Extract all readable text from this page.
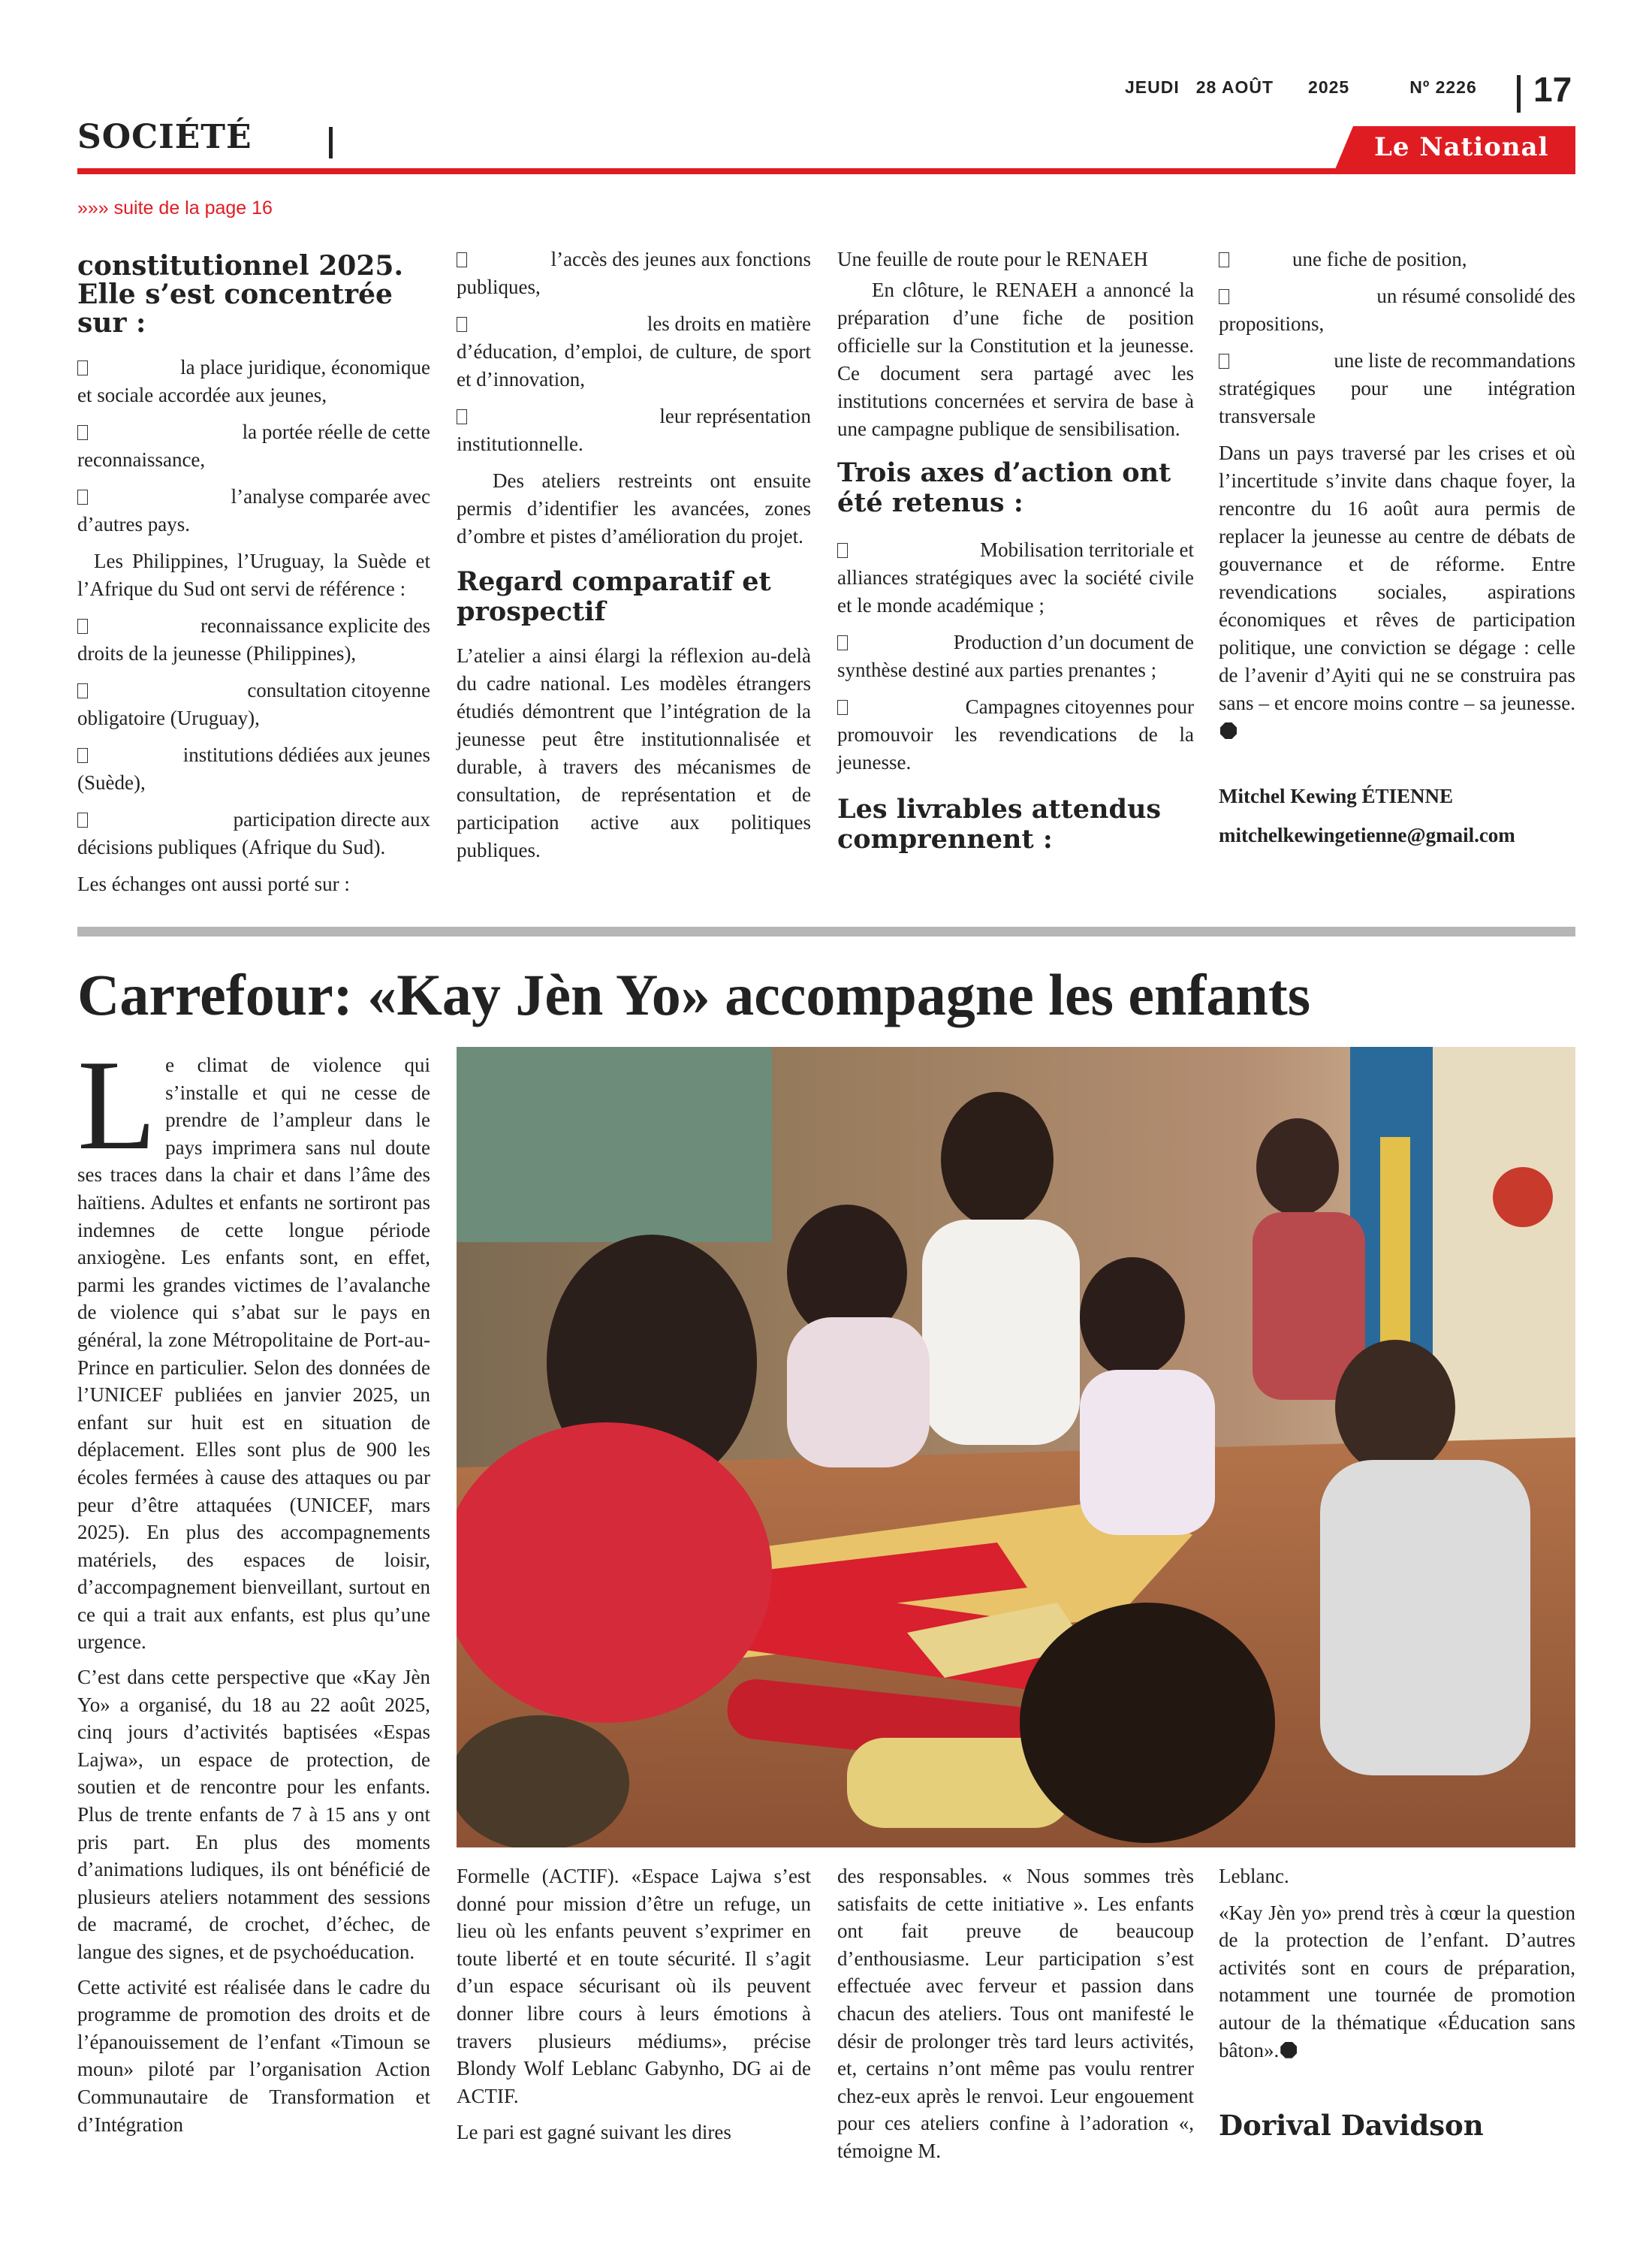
JEUDI 28 AOÛT 2025	Nº 2226 17
SOCIÉTÉ	Le National
»»» suite de la page 16
constitutionnel 2025. Elle s’est concentrée sur :
la place juridique, économique
et sociale accordée aux jeunes,
la portée réelle de cette
reconnaissance,
l’analyse comparée avec
d’autres pays.

Les Philippines, l’Uruguay, la Suède et l’Afrique du Sud ont servi de référence :

reconnaissance explicite des
droits de la jeunesse (Philippines),
consultation citoyenne
obligatoire (Uruguay),
institutions dédiées aux jeunes
(Suède),
participation directe aux
décisions publiques (Afrique du Sud).

Les échanges ont aussi porté sur :

l’accès des jeunes aux fonctions
publiques,
les droits en matière
d’éducation, d’emploi, de culture, de sport et d’innovation,
leur représentation
institutionnelle.

Des ateliers restreints ont ensuite permis d’identifier les avancées, zones d’ombre et pistes d’amélioration du projet.

Regard comparatif et prospectif

L’atelier a ainsi élargi la réflexion au-delà du cadre national. Les modèles étrangers étudiés démontrent que l’intégration de la jeunesse peut être institutionnalisée et durable, à travers des mécanismes de consultation, de représentation et de participation active aux politiques publiques.

Une feuille de route pour le RENAEH

En clôture, le RENAEH a annoncé la préparation d’une fiche de position officielle sur la Constitution et la jeunesse. Ce document sera partagé avec les institutions concernées et servira de base à une campagne publique de sensibilisation.

Trois axes d’action ont été retenus :
Mobilisation territoriale et
alliances stratégiques avec la société civile et le monde académique ;
Production d’un document de
synthèse destiné aux parties prenantes ;
Campagnes citoyennes pour
promouvoir les revendications de la jeunesse.
Les livrables attendus comprennent :
une fiche de position,
un résumé consolidé des
propositions,
une liste de recommandations
stratégiques pour une intégration transversale

Dans un pays traversé par les crises et où l’incertitude s’invite dans chaque foyer, la rencontre du 16 août aura permis de replacer la jeunesse au centre de débats de gouvernance et de réforme. Entre revendications sociales, aspirations économiques et rêves de participation politique, une conviction se dégage : celle de l’avenir d’Ayiti qui ne se construira pas sans – et encore moins contre – sa jeunesse.

Mitchel Kewing ÉTIENNE
mitchelkewingetienne@gmail.com
Carrefour: «Kay Jèn Yo» accompagne les enfants

Le climat de violence qui s’installe et qui ne cesse de prendre de l’ampleur dans le pays imprimera sans nul doute ses traces dans la chair et dans l’âme des haïtiens. Adultes et enfants ne sortiront pas indemnes de cette longue période anxiogène. Les enfants sont, en effet, parmi les grandes victimes de l’avalanche de violence qui s’abat sur le pays en général, la zone Métropolitaine de Port-au-Prince en particulier. Selon des données de l’UNICEF publiées en janvier 2025, un enfant sur huit est en situation de déplacement. Elles sont plus de 900 les écoles fermées à cause des attaques ou par peur d’être attaquées (UNICEF, mars 2025). En plus des accompagnements matériels, des espaces de loisir, d’accompagnement bienveillant, surtout en ce qui a trait aux enfants, est plus qu’une urgence.

C’est dans cette perspective que «Kay Jèn Yo» a organisé, du 18 au 22 août 2025, cinq jours d’activités baptisées «Espas Lajwa», un espace de protection, de soutien et de rencontre pour les enfants. Plus de trente enfants de 7 à 15 ans y ont pris part. En plus des moments d’animations ludiques, ils ont bénéficié de plusieurs ateliers notamment des sessions de macramé, de crochet, d’échec, de langue des signes, et de psychoéducation.

Cette activité est réalisée dans le cadre du programme de promotion des droits et de l’épanouissement de l’enfant «Timoun se moun» piloté par l’organisation Action Communautaire de Transformation et d’Intégration

Formelle (ACTIF). «Espace Lajwa s’est donné pour mission d’être un refuge, un lieu où les enfants peuvent s’exprimer en toute liberté et en toute sécurité. Il s’agit d’un espace sécurisant où ils peuvent donner libre cours à leurs émotions à travers plusieurs médiums», précise Blondy Wolf Leblanc Gabynho, DG ai de ACTIF.

Le pari est gagné suivant les dires

des responsables. « Nous sommes très satisfaits de cette initiative ». Les enfants ont fait preuve de beaucoup d’enthousiasme. Leur participation s’est effectuée avec ferveur et passion dans chacun des ateliers. Tous ont manifesté le désir de prolonger très tard leurs activités, et, certains n’ont même pas voulu rentrer chez-eux après le renvoi. Leur engouement pour ces ateliers confine à l’adoration «, témoigne M.

Leblanc.

«Kay Jèn yo» prend très à cœur la question de la protection de l’enfant. D’autres activités sont en cours de préparation, notamment une tournée de promotion autour de la thématique «Éducation sans bâton».

Dorival Davidson
